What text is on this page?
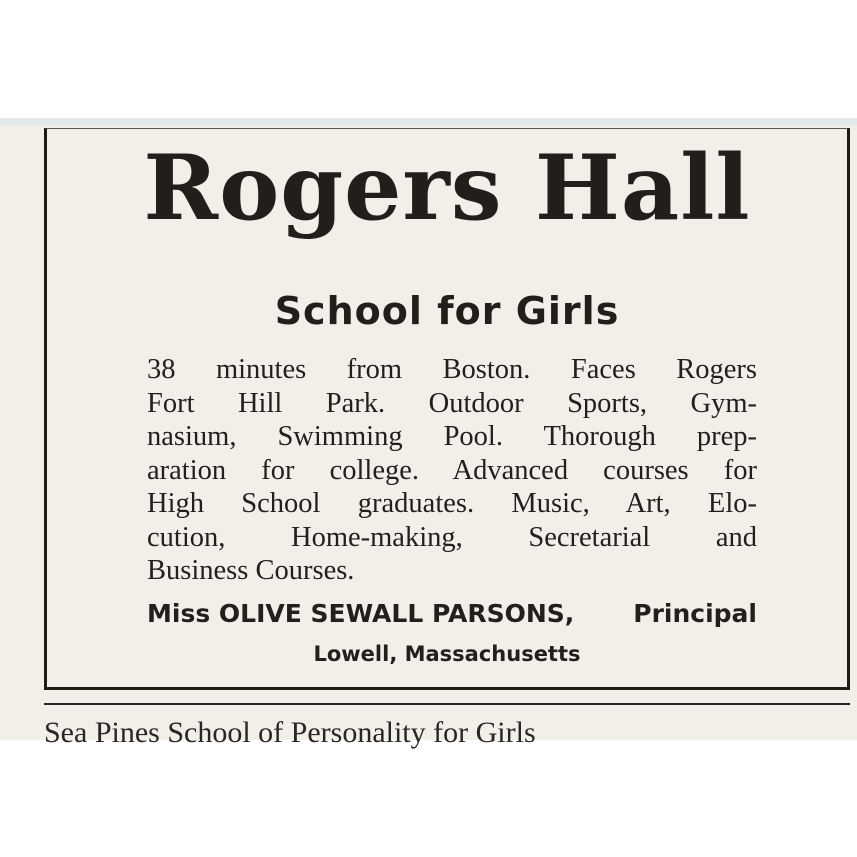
Rogers Hall
School for Girls
38 minutes from Boston. Faces Rogers
Fort Hill Park. Outdoor Sports, Gym-
nasium, Swimming Pool. Thorough prep-
aration for college. Advanced courses for
High School graduates. Music, Art, Elo-
cution, Home-making, Secretarial and
Business Courses.
Miss OLIVE SEWALL PARSONS, Principal
Lowell, Massachusetts
Sea Pines School of Personality for Girls
